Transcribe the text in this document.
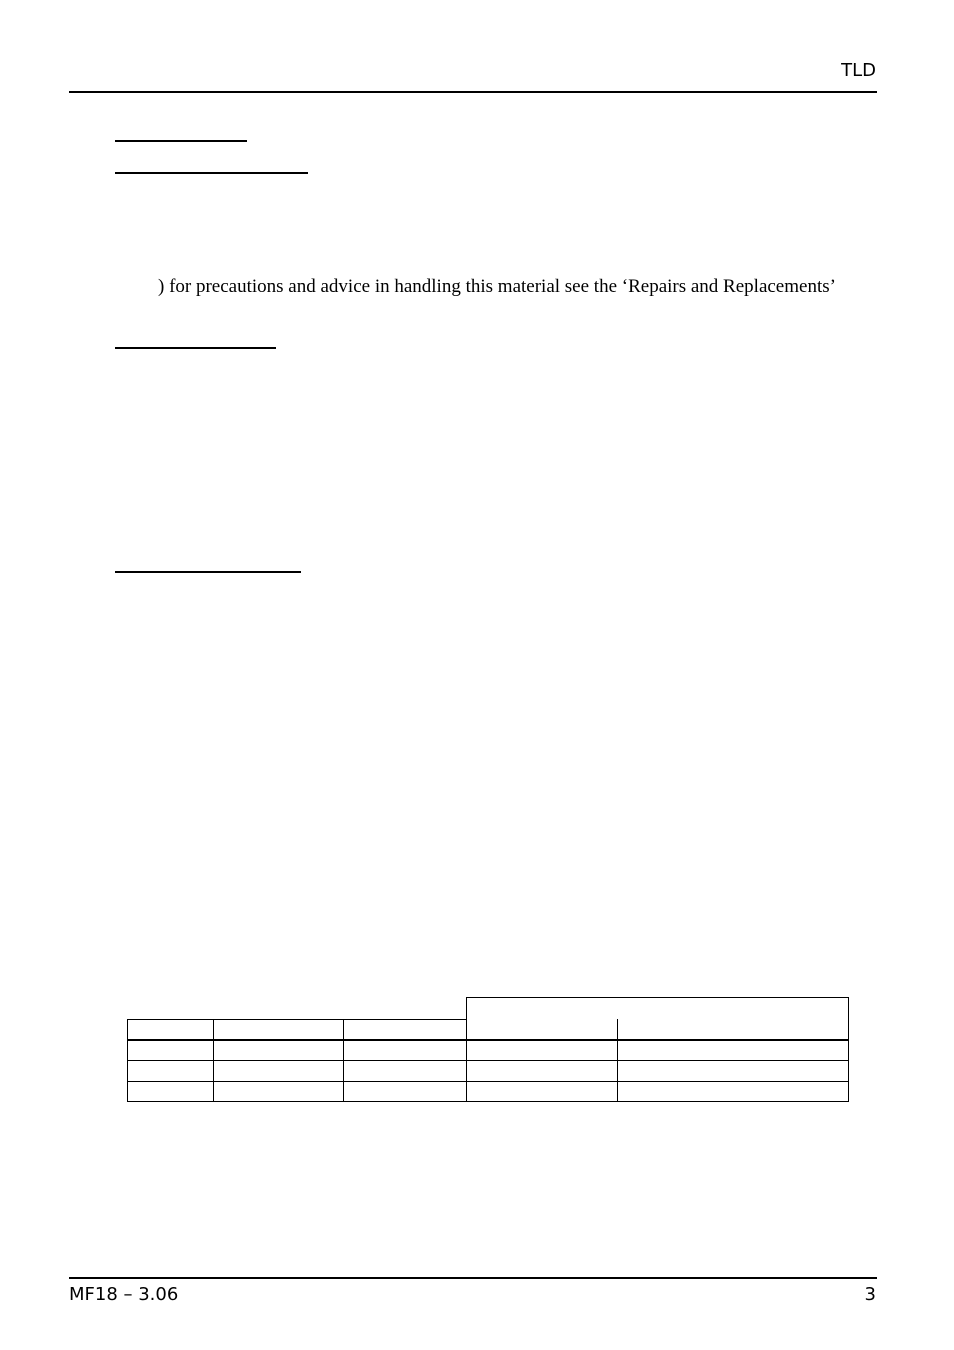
TLD
) for precautions and advice in handling this material see the ‘Repairs and Replacements’
MF18 – 3.06	3
